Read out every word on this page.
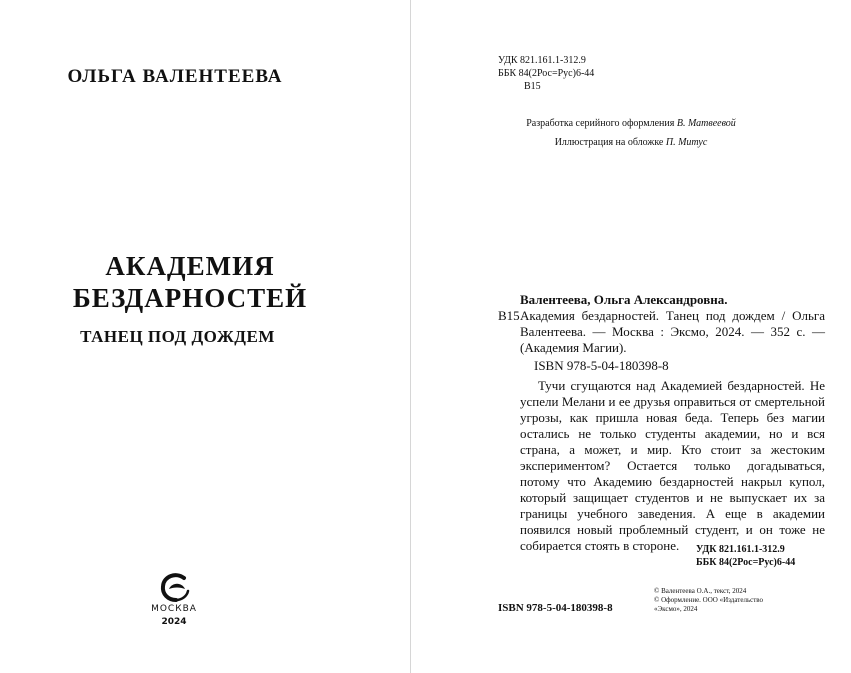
ОЛЬГА ВАЛЕНТЕЕВА
АКАДЕМИЯ
БЕЗДАРНОСТЕЙ
ТАНЕЦ ПОД ДОЖДЕМ
МОСКВА
2024
УДК 821.161.1-312.9
ББК 84(2Рос=Рус)6-44
В15
Разработка серийного оформления В. Матвеевой
Иллюстрация на обложке П. Митус
Валентеева, Ольга Александровна.
В15 Академия бездарностей. Танец под дождем / Ольга Валентеева. — Москва : Эксмо, 2024. — 352 с. — (Академия Магии).
ISBN 978-5-04-180398-8
Тучи сгущаются над Академией бездарностей. Не успели Мелани и ее друзья оправиться от смертельной угрозы, как пришла новая беда. Теперь без магии остались не только студенты академии, но и вся страна, а может, и мир. Кто стоит за жестоким экспериментом? Остается только догадываться, потому что Академию бездарностей накрыл купол, который защищает студентов и не выпускает их за границы учебного заведения. А еще в академии появился новый проблемный студент, и он тоже не собирается стоять в стороне.	УДК 821.161.1-312.9
ББК 84(2Рос=Рус)6-44
ISBN 978-5-04-180398-8
© Валентеева О.А., текст, 2024
© Оформление. ООО «Издательство
«Эксмо», 2024
